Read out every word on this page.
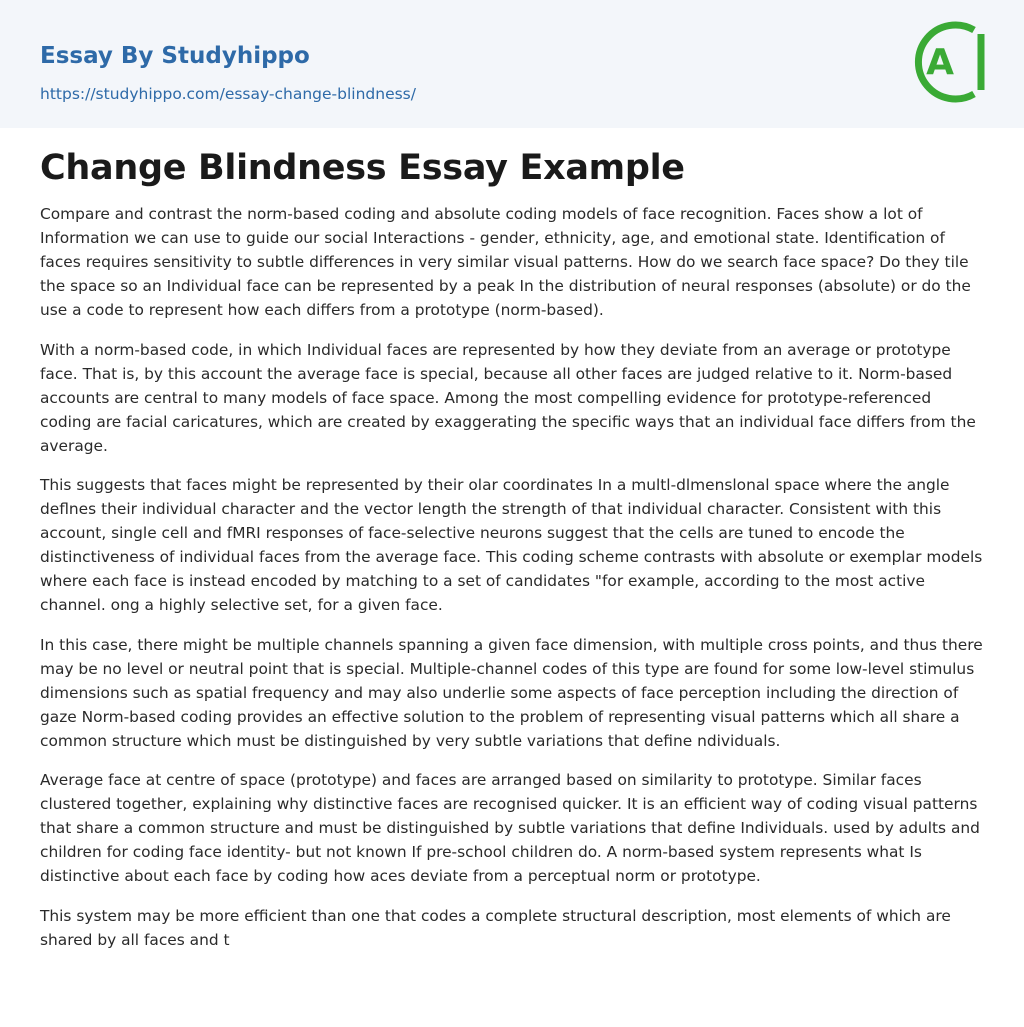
Essay By Studyhippo
https://studyhippo.com/essay-change-blindness/
A
Change Blindness Essay Example

Compare and contrast the norm-based coding and absolute coding models of face recognition. Faces show a lot of Information we can use to guide our social Interactions - gender, ethnicity, age, and emotional state. Identification of faces requires sensitivity to subtle differences in very similar visual patterns. How do we search face space? Do they tile the space so an Individual face can be represented by a peak In the distribution of neural responses (absolute) or do the use a code to represent how each differs from a prototype (norm-based).

With a norm-based code, in which Individual faces are represented by how they deviate from an average or prototype face. That is, by this account the average face is special, because all other faces are judged relative to it. Norm-based accounts are central to many models of face space. Among the most compelling evidence for prototype-referenced coding are facial caricatures, which are created by exaggerating the specific ways that an individual face differs from the average.

This suggests that faces might be represented by their olar coordinates In a multl-dlmenslonal space where the angle deflnes their individual character and the vector length the strength of that individual character. Consistent with this account, single cell and fMRI responses of face-selective neurons suggest that the cells are tuned to encode the distinctiveness of individual faces from the average face. This coding scheme contrasts with absolute or exemplar models where each face is instead encoded by matching to a set of candidates "for example, according to the most active channel. ong a highly selective set, for a given face.

In this case, there might be multiple channels spanning a given face dimension, with multiple cross points, and thus there may be no level or neutral point that is special. Multiple-channel codes of this type are found for some low-level stimulus dimensions such as spatial frequency and may also underlie some aspects of face perception including the direction of gaze Norm-based coding provides an effective solution to the problem of representing visual patterns which all share a common structure which must be distinguished by very subtle variations that define ndividuals.

Average face at centre of space (prototype) and faces are arranged based on similarity to prototype. Similar faces clustered together, explaining why distinctive faces are recognised quicker. It is an efficient way of coding visual patterns that share a common structure and must be distinguished by subtle variations that define Individuals. used by adults and children for coding face identity- but not known If pre-school children do. A norm-based system represents what Is distinctive about each face by coding how aces deviate from a perceptual norm or prototype.

This system may be more efficient than one that codes a complete structural description, most elements of which are shared by all faces and t
